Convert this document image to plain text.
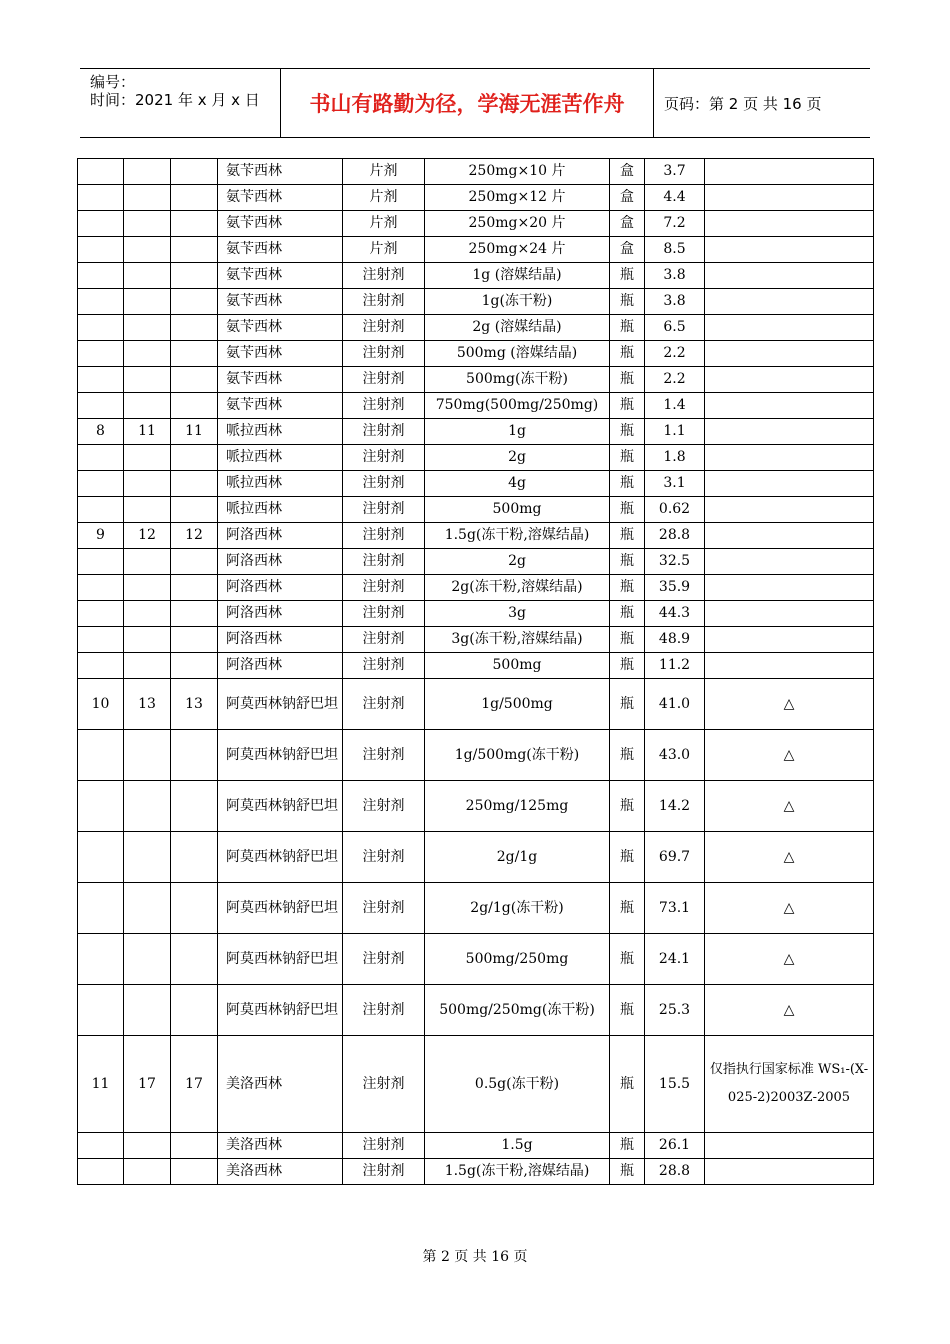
编号：
时间：2021 年 x 月 x 日	书山有路勤为径，学海无涯苦作舟	页码：第 2 页 共 16 页
			氨苄西林	片剂	250mg×10 片	盒	3.7	
			氨苄西林	片剂	250mg×12 片	盒	4.4	
			氨苄西林	片剂	250mg×20 片	盒	7.2	
			氨苄西林	片剂	250mg×24 片	盒	8.5	
			氨苄西林	注射剂	1g (溶媒结晶)	瓶	3.8	
			氨苄西林	注射剂	1g(冻干粉)	瓶	3.8	
			氨苄西林	注射剂	2g (溶媒结晶)	瓶	6.5	
			氨苄西林	注射剂	500mg (溶媒结晶)	瓶	2.2	
			氨苄西林	注射剂	500mg(冻干粉)	瓶	2.2	
			氨苄西林	注射剂	750mg(500mg/250mg)	瓶	1.4	
8	11	11	哌拉西林	注射剂	1g	瓶	1.1	
			哌拉西林	注射剂	2g	瓶	1.8	
			哌拉西林	注射剂	4g	瓶	3.1	
			哌拉西林	注射剂	500mg	瓶	0.62	
9	12	12	阿洛西林	注射剂	1.5g(冻干粉,溶媒结晶)	瓶	28.8	
			阿洛西林	注射剂	2g	瓶	32.5	
			阿洛西林	注射剂	2g(冻干粉,溶媒结晶)	瓶	35.9	
			阿洛西林	注射剂	3g	瓶	44.3	
			阿洛西林	注射剂	3g(冻干粉,溶媒结晶)	瓶	48.9	
			阿洛西林	注射剂	500mg	瓶	11.2	
10	13	13	阿莫西林钠舒巴坦	注射剂	1g/500mg	瓶	41.0	△
			阿莫西林钠舒巴坦	注射剂	1g/500mg(冻干粉)	瓶	43.0	△
			阿莫西林钠舒巴坦	注射剂	250mg/125mg	瓶	14.2	△
			阿莫西林钠舒巴坦	注射剂	2g/1g	瓶	69.7	△
			阿莫西林钠舒巴坦	注射剂	2g/1g(冻干粉)	瓶	73.1	△
			阿莫西林钠舒巴坦	注射剂	500mg/250mg	瓶	24.1	△
			阿莫西林钠舒巴坦	注射剂	500mg/250mg(冻干粉)	瓶	25.3	△
11	17	17	美洛西林	注射剂	0.5g(冻干粉)	瓶	15.5	仅指执行国家标准 WS₁-(X-025-2)2003Z-2005
			美洛西林	注射剂	1.5g	瓶	26.1	
			美洛西林	注射剂	1.5g(冻干粉,溶媒结晶)	瓶	28.8	
第 2 页 共 16 页
